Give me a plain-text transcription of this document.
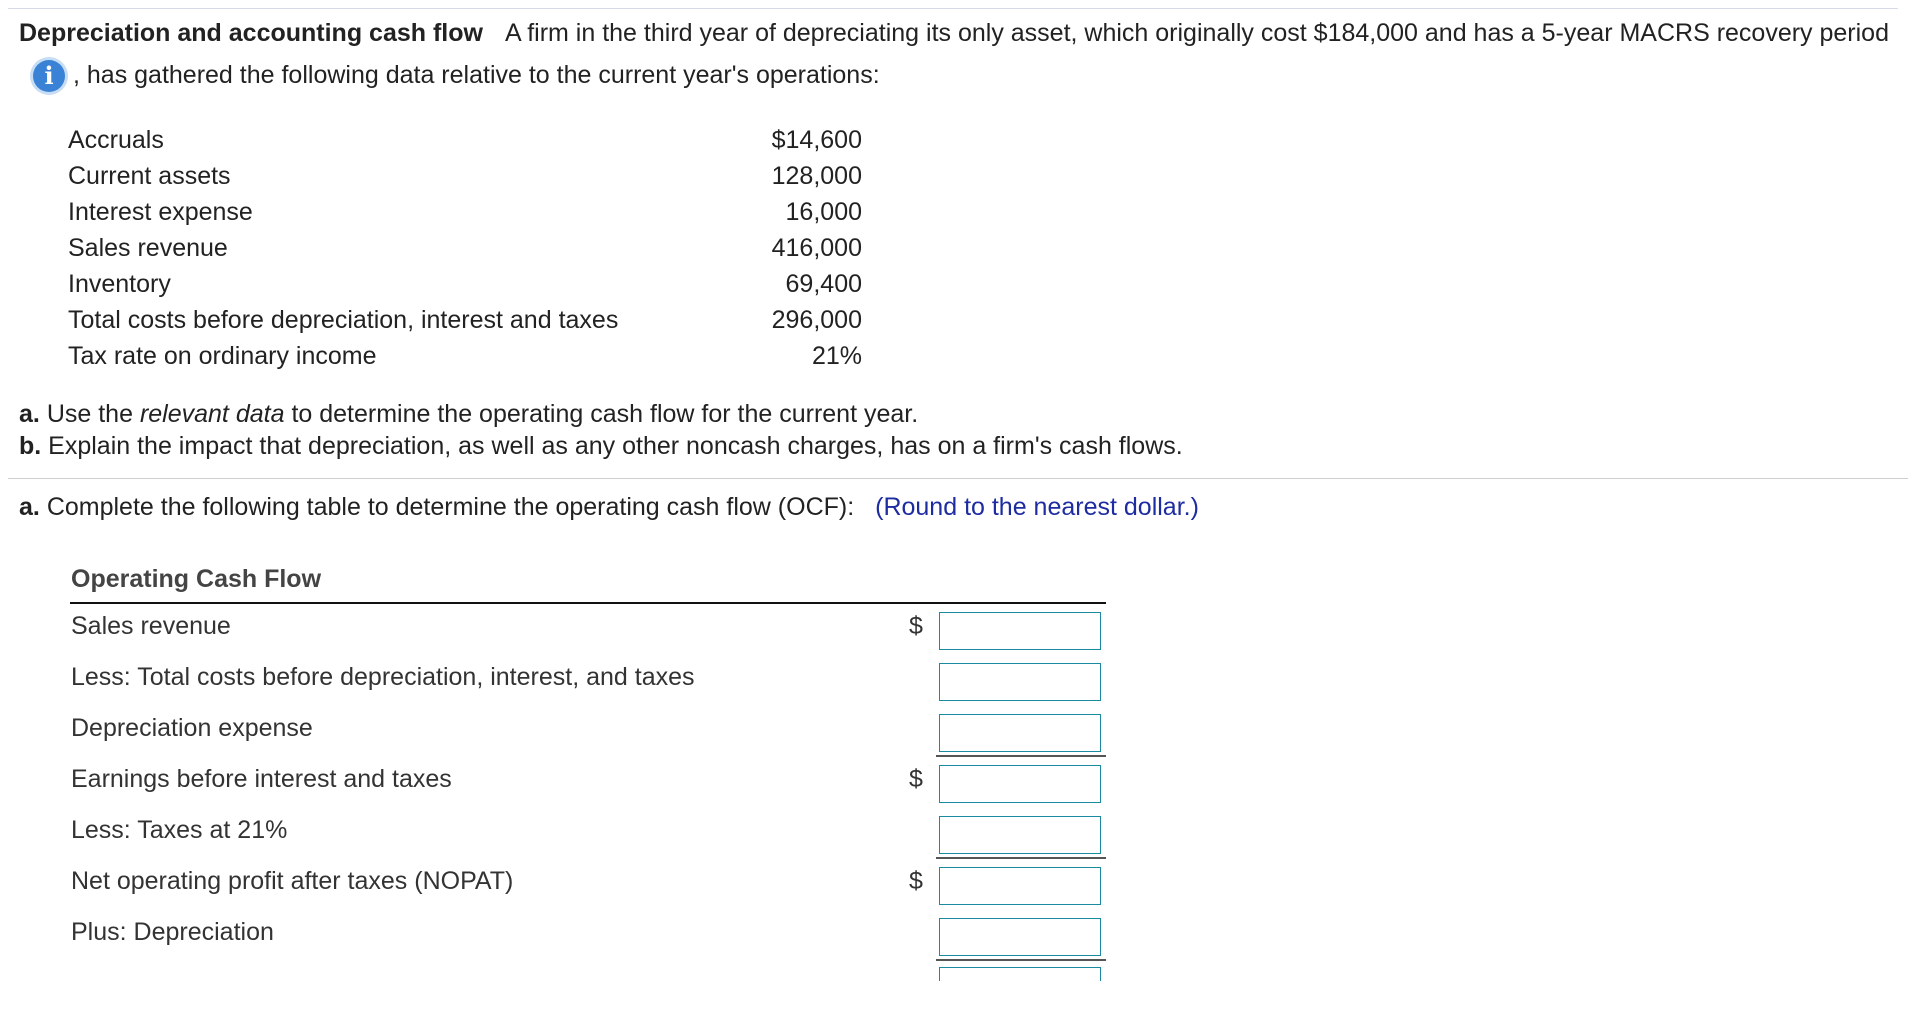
Depreciation and accounting cash flow A firm in the third year of depreciating its only asset, which originally cost $184,000 and has a 5-year MACRS recovery periodi , has gathered the following data relative to the current year's operations:
Accruals	$14,600
Current assets	128,000
Interest expense	16,000
Sales revenue	416,000
Inventory	69,400
Total costs before depreciation, interest and taxes	296,000
Tax rate on ordinary income	21%
a. Use the relevant data to determine the operating cash flow for the current year.
b. Explain the impact that depreciation, as well as any other noncash charges, has on a firm's cash flows.
a. Complete the following table to determine the operating cash flow (OCF): (Round to the nearest dollar.)
Operating Cash Flow
Sales revenue	$
Less: Total costs before depreciation, interest, and taxes
Depreciation expense
Earnings before interest and taxes	$
Less: Taxes at 21%
Net operating profit after taxes (NOPAT)	$
Plus: Depreciation
